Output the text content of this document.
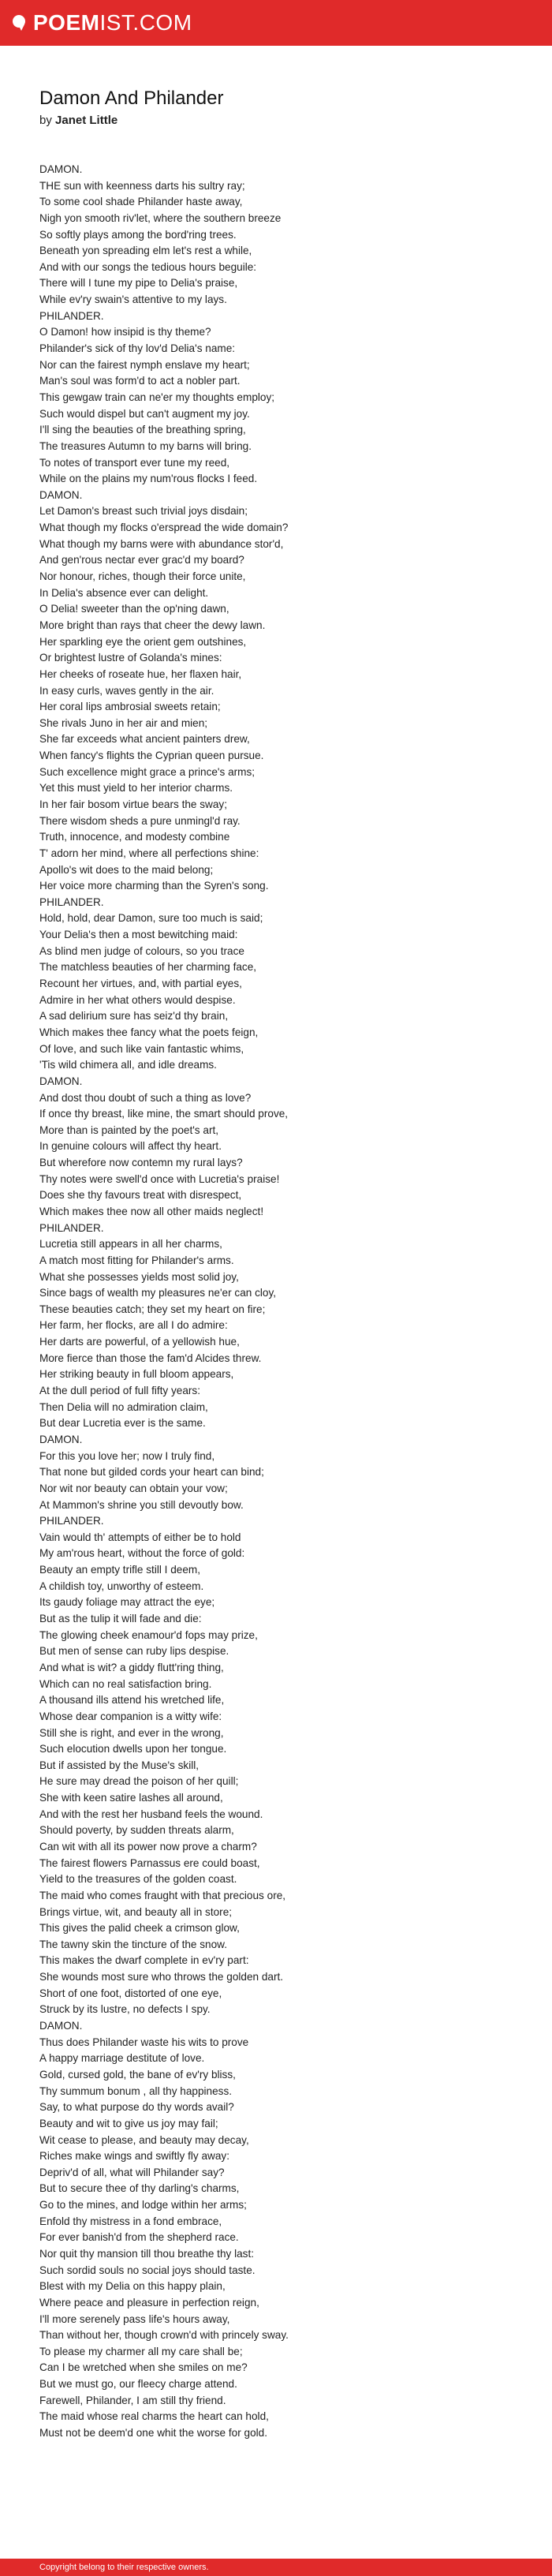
POEMIST.COM
Damon And Philander
by Janet Little
DAMON.
THE sun with keenness darts his sultry ray;
To some cool shade Philander haste away,
Nigh yon smooth riv'let, where the southern breeze
So softly plays among the bord'ring trees.
Beneath yon spreading elm let's rest a while,
And with our songs the tedious hours beguile:
There will I tune my pipe to Delia's praise,
While ev'ry swain's attentive to my lays.
PHILANDER.
O Damon! how insipid is thy theme?
Philander's sick of thy lov'd Delia's name:
Nor can the fairest nymph enslave my heart;
Man's soul was form'd to act a nobler part.
This gewgaw train can ne'er my thoughts employ;
Such would dispel but can't augment my joy.
I'll sing the beauties of the breathing spring,
The treasures Autumn to my barns will bring.
To notes of transport ever tune my reed,
While on the plains my num'rous flocks I feed.
DAMON.
Let Damon's breast such trivial joys disdain;
What though my flocks o'erspread the wide domain?
What though my barns were with abundance stor'd,
And gen'rous nectar ever grac'd my board?
Nor honour, riches, though their force unite,
In Delia's absence ever can delight.
O Delia! sweeter than the op'ning dawn,
More bright than rays that cheer the dewy lawn.
Her sparkling eye the orient gem outshines,
Or brightest lustre of Golanda's mines:
Her cheeks of roseate hue, her flaxen hair,
In easy curls, waves gently in the air.
Her coral lips ambrosial sweets retain;
She rivals Juno in her air and mien;
She far exceeds what ancient painters drew,
When fancy's flights the Cyprian queen pursue.
Such excellence might grace a prince's arms;
Yet this must yield to her interior charms.
In her fair bosom virtue bears the sway;
There wisdom sheds a pure unmingl'd ray.
Truth, innocence, and modesty combine
T' adorn her mind, where all perfections shine:
Apollo's wit does to the maid belong;
Her voice more charming than the Syren's song.
PHILANDER.
Hold, hold, dear Damon, sure too much is said;
Your Delia's then a most bewitching maid:
As blind men judge of colours, so you trace
The matchless beauties of her charming face,
Recount her virtues, and, with partial eyes,
Admire in her what others would despise.
A sad delirium sure has seiz'd thy brain,
Which makes thee fancy what the poets feign,
Of love, and such like vain fantastic whims,
'Tis wild chimera all, and idle dreams.
DAMON.
And dost thou doubt of such a thing as love?
If once thy breast, like mine, the smart should prove,
More than is painted by the poet's art,
In genuine colours will affect thy heart.
But wherefore now contemn my rural lays?
Thy notes were swell'd once with Lucretia's praise!
Does she thy favours treat with disrespect,
Which makes thee now all other maids neglect!
PHILANDER.
Lucretia still appears in all her charms,
A match most fitting for Philander's arms.
What she possesses yields most solid joy,
Since bags of wealth my pleasures ne'er can cloy,
These beauties catch; they set my heart on fire;
Her farm, her flocks, are all I do admire:
Her darts are powerful, of a yellowish hue,
More fierce than those the fam'd Alcides threw.
Her striking beauty in full bloom appears,
At the dull period of full fifty years:
Then Delia will no admiration claim,
But dear Lucretia ever is the same.
DAMON.
For this you love her; now I truly find,
That none but gilded cords your heart can bind;
Nor wit nor beauty can obtain your vow;
At Mammon's shrine you still devoutly bow.
PHILANDER.
Vain would th' attempts of either be to hold
My am'rous heart, without the force of gold:
Beauty an empty trifle still I deem,
A childish toy, unworthy of esteem.
Its gaudy foliage may attract the eye;
But as the tulip it will fade and die:
The glowing cheek enamour'd fops may prize,
But men of sense can ruby lips despise.
And what is wit? a giddy flutt'ring thing,
Which can no real satisfaction bring.
A thousand ills attend his wretched life,
Whose dear companion is a witty wife:
Still she is right, and ever in the wrong,
Such elocution dwells upon her tongue.
But if assisted by the Muse's skill,
He sure may dread the poison of her quill;
She with keen satire lashes all around,
And with the rest her husband feels the wound.
Should poverty, by sudden threats alarm,
Can wit with all its power now prove a charm?
The fairest flowers Parnassus ere could boast,
Yield to the treasures of the golden coast.
The maid who comes fraught with that precious ore,
Brings virtue, wit, and beauty all in store;
This gives the palid cheek a crimson glow,
The tawny skin the tincture of the snow.
This makes the dwarf complete in ev'ry part:
She wounds most sure who throws the golden dart.
Short of one foot, distorted of one eye,
Struck by its lustre, no defects I spy.
DAMON.
Thus does Philander waste his wits to prove
A happy marriage destitute of love.
Gold, cursed gold, the bane of ev'ry bliss,
Thy summum bonum , all thy happiness.
Say, to what purpose do thy words avail?
Beauty and wit to give us joy may fail;
Wit cease to please, and beauty may decay,
Riches make wings and swiftly fly away:
Depriv'd of all, what will Philander say?
But to secure thee of thy darling's charms,
Go to the mines, and lodge within her arms;
Enfold thy mistress in a fond embrace,
For ever banish'd from the shepherd race.
Nor quit thy mansion till thou breathe thy last:
Such sordid souls no social joys should taste.
Blest with my Delia on this happy plain,
Where peace and pleasure in perfection reign,
I'll more serenely pass life's hours away,
Than without her, though crown'd with princely sway.
To please my charmer all my care shall be;
Can I be wretched when she smiles on me?
But we must go, our fleecy charge attend.
Farewell, Philander, I am still thy friend.
The maid whose real charms the heart can hold,
Must not be deem'd one whit the worse for gold.
Copyright belong to their respective owners.
